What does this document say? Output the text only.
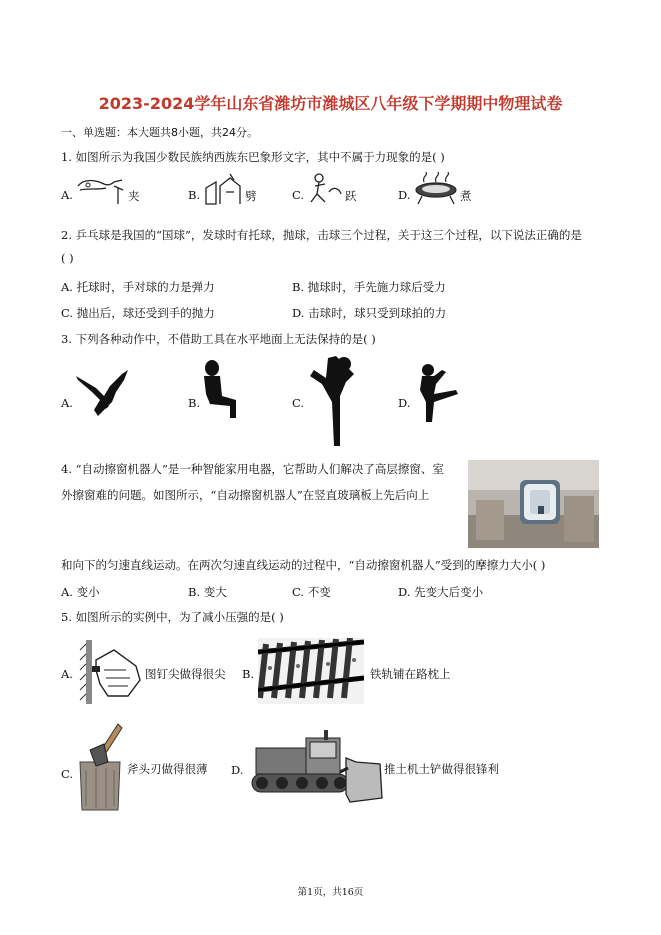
2023-2024学年山东省潍坊市潍城区八年级下学期期中物理试卷
一、单选题：本大题共8小题，共24分。
1. 如图所示为我国少数民族纳西族东巴象形文字，其中不属于力现象的是( )
A.	夹	B.	劈	C.	跃	D.	煮
2. 乒乓球是我国的“国球”，发球时有托球，抛球，击球三个过程，关于这三个过程，以下说法正确的是
( )
A. 托球时，手对球的力是弹力	B. 抛球时，手先施力球后受力
C. 抛出后，球还受到手的抛力	D. 击球时，球只受到球拍的力
3. 下列各种动作中，不借助工具在水平地面上无法保持的是( )
A.	B.	C.	D.
4. “自动擦窗机器人”是一种智能家用电器，它帮助人们解决了高层擦窗、室
外擦窗难的问题。如图所示，“自动擦窗机器人”在竖直玻璃板上先后向上
和向下的匀速直线运动。在两次匀速直线运动的过程中，“自动擦窗机器人”受到的摩擦力大小( )
A. 变小	B. 变大	C. 不变	D. 先变大后变小
5. 如图所示的实例中，为了减小压强的是( )
A.	图钉尖做得很尖 B.	铁轨铺在路枕上
C.	斧头刃做得很薄 D.	推土机土铲做得很锋利
第1页，共16页
